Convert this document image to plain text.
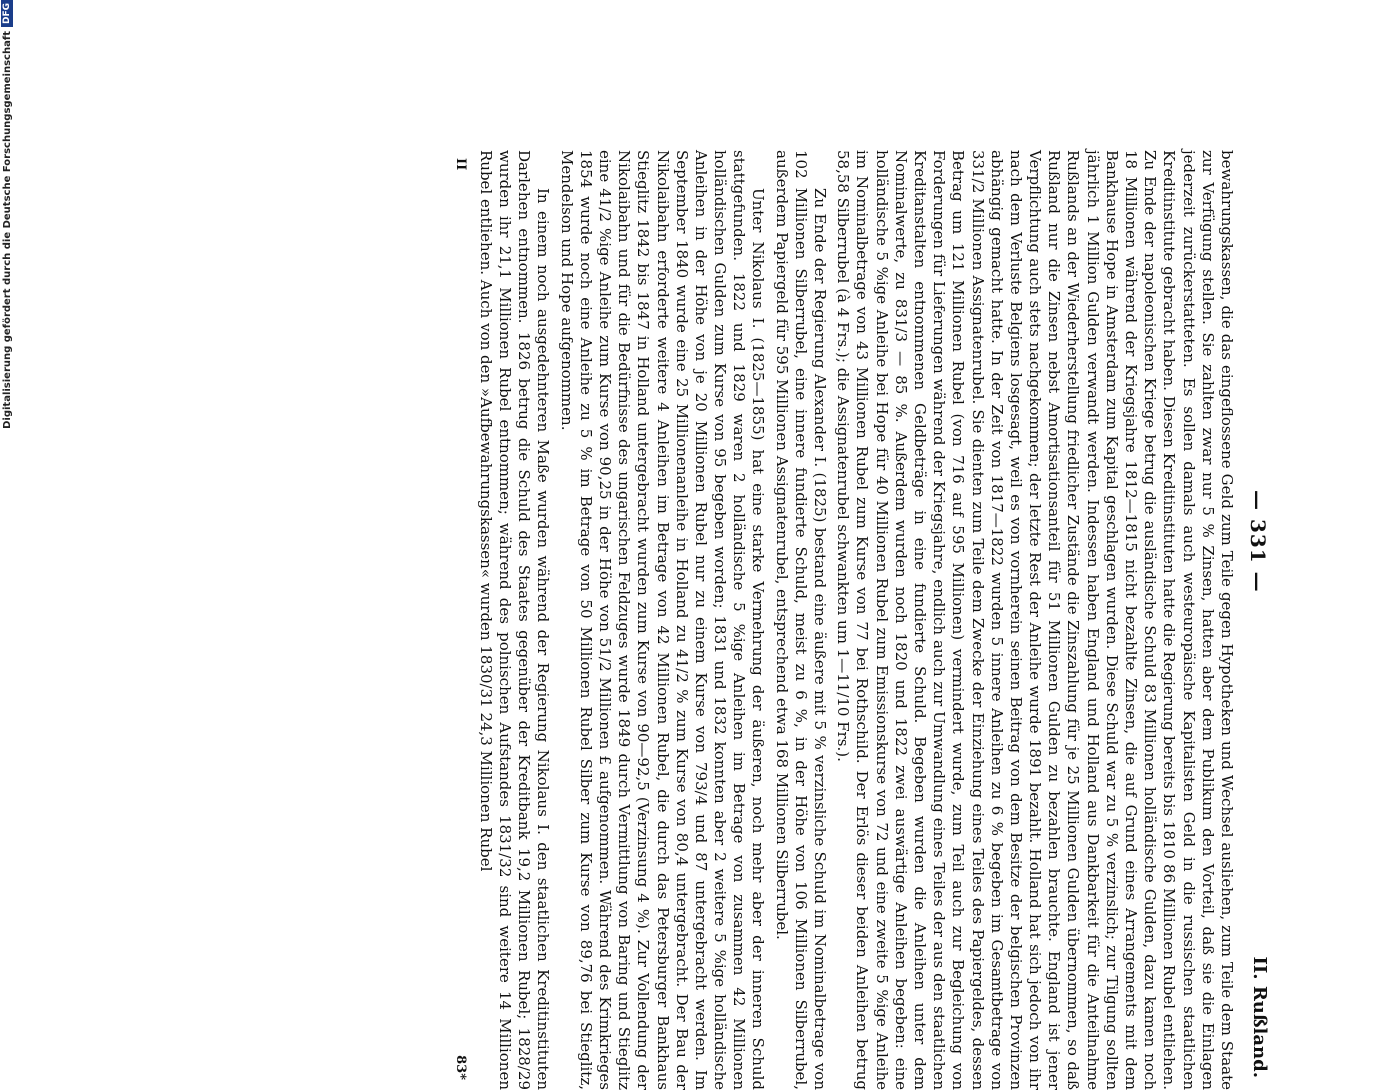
— 331 —
II. Rußland.

bewahrungskassen, die das eingeflossene Geld zum Teile gegen Hypotheken und Wechsel ausliehen, zum Teile dem Staate zur Verfügung stellen. Sie zahlten zwar nur 5 % Zinsen, hatten aber dem Publikum den Vorteil, daß sie die Einlagen jederzeit zurückerstatteten. Es sollen damals auch westeuropäische Kapitalisten Geld in die russischen staatlichen Kreditinstitute gebracht haben. Diesen Kreditinstituten hatte die Regierung bereits bis 1810 86 Millionen Rubel entliehen. Zu Ende der napoleonischen Kriege betrug die ausländische Schuld 83 Millionen holländische Gulden, dazu kamen noch 18 Millionen während der Kriegsjahre 1812—1815 nicht bezahlte Zinsen, die auf Grund eines Arrangements mit dem Bankhause Hope in Amsterdam zum Kapital geschlagen wurden. Diese Schuld war zu 5 % verzinslich; zur Tilgung sollten jährlich 1 Million Gulden verwandt werden. Indessen haben England und Holland aus Dankbarkeit für die Anteilnahme Rußlands an der Wiederherstellung friedlicher Zustände die Zinszahlung für je 25 Millionen Gulden übernommen, so daß Rußland nur die Zinsen nebst Amortisationsanteil für 51 Millionen Gulden zu bezahlen brauchte. England ist jener Verpflichtung auch stets nachgekommen; der letzte Rest der Anleihe wurde 1891 bezahlt. Holland hat sich jedoch von ihr nach dem Verluste Belgiens losgesagt, weil es von vornherein seinen Beitrag von dem Besitze der belgischen Provinzen abhängig gemacht hatte. In der Zeit von 1817—1822 wurden 5 innere Anleihen zu 6 % begeben im Gesamtbetrage von 331/2 Millionen Assignatenrubel. Sie dienten zum Teile dem Zwecke der Einziehung eines Teiles des Papiergeldes, dessen Betrag um 121 Millionen Rubel (von 716 auf 595 Millionen) vermindert wurde, zum Teil auch zur Begleichung von Forderungen für Lieferungen während der Kriegsjahre, endlich auch zur Umwandlung eines Teiles der aus den staatlichen Kreditanstalten entnommenen Geldbeträge in eine fundierte Schuld. Begeben wurden die Anleihen unter dem Nominalwerte, zu 831/3 — 85 %. Außerdem wurden noch 1820 und 1822 zwei auswärtige Anleihen begeben: eine holländische 5 %ige Anleihe bei Hope für 40 Millionen Rubel zum Emissionskurse von 72 und eine zweite 5 %ige Anleihe im Nominalbetrage von 43 Millionen Rubel zum Kurse von 77 bei Rothschild. Der Erlös dieser beiden Anleihen betrug 58,58 Silberrubel (à 4 Frs.); die Assignatenrubel schwankten um 1—11/10 Frs.).

Zu Ende der Regierung Alexander I. (1825) bestand eine äußere mit 5 % verzinsliche Schuld im Nominalbetrage von 102 Millionen Silberrubel, eine innere fundierte Schuld, meist zu 6 %, in der Höhe von 106 Millionen Silberrubel, außerdem Papiergeld für 595 Millionen Assignatenrubel, entsprechend etwa 168 Millionen Silberrubel.

Unter Nikolaus I. (1825—1855) hat eine starke Vermehrung der äußeren, noch mehr aber der inneren Schuld stattgefunden. 1822 und 1829 waren 2 holländische 5 %ige Anleihen im Betrage von zusammen 42 Millionen holländischen Gulden zum Kurse von 95 begeben worden; 1831 und 1832 konnten aber 2 weitere 5 %ige holländische Anleihen in der Höhe von je 20 Millionen Rubel nur zu einem Kurse von 793/4 und 87 untergebracht werden. Im September 1840 wurde eine 25 Millionenanleihe in Holland zu 41/2 % zum Kurse von 80,4 untergebracht. Der Bau der Nikolaibahn erforderte weitere 4 Anleihen im Betrage von 42 Millionen Rubel, die durch das Petersburger Bankhaus Stieglitz 1842 bis 1847 in Holland untergebracht wurden zum Kurse von 90—92,5 (Verzinsung 4 %). Zur Vollendung der Nikolaibahn und für die Bedürfnisse des ungarischen Feldzuges wurde 1849 durch Vermittlung von Baring und Stieglitz eine 41/2 %ige Anleihe zum Kurse von 90,25 in der Höhe von 51/2 Millionen £ aufgenommen. Während des Krimkrieges 1854 wurde noch eine Anleihe zu 5 % im Betrage von 50 Millionen Rubel Silber zum Kurse von 89,76 bei Stieglitz, Mendelson und Hope aufgenommen.

In einem noch ausgedehnteren Maße wurden während der Regierung Nikolaus I. den staatlichen Kreditinstituten Darlehen entnommen. 1826 betrug die Schuld des Staates gegenüber der Kreditbank 19,2 Millionen Rubel; 1828/29 wurden ihr 21,1 Millionen Rubel entnommen; während des polnischen Aufstandes 1831/32 sind weitere 14 Millionen Rubel entliehen. Auch von den »Aufbewahrungskassen« wurden 1830/31 24,3 Millionen Rubel

II
83*
Digitalisierung gefördert durch die Deutsche Forschungsgemeinschaft
DFG
